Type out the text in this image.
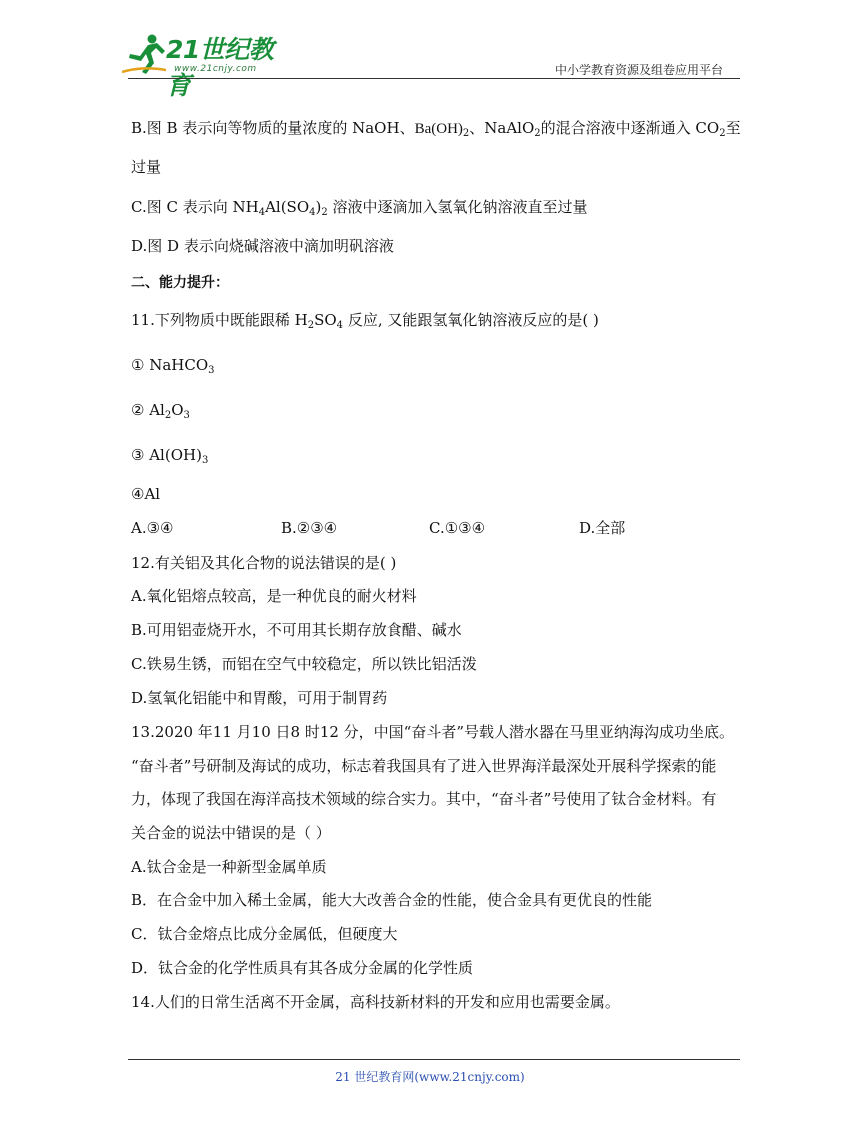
21世纪教育
www.21cnjy.com	中小学教育资源及组卷应用平台
B.图 B 表示向等物质的量浓度的 NaOH、$Ba(OH)_2$、NaAlO$_2$的混合溶液中逐渐通入 $CO_2$至
过量
C.图 C 表示向 $NH_4Al(SO_4)_2$ 溶液中逐滴加入氢氧化钠溶液直至过量
D.图 D 表示向烧碱溶液中滴加明矾溶液
二、能力提升：
11.下列物质中既能跟稀 $H_2SO_4$ 反应, 又能跟氢氧化钠溶液反应的是( )
① NaHCO$_3$
② $Al_2O_3$
③ $Al(OH)_3$
④Al
A.③④	B.②③④	C.①③④	D.全部
12.有关铝及其化合物的说法错误的是( )
A.氧化铝熔点较高，是一种优良的耐火材料
B.可用铝壶烧开水，不可用其长期存放食醋、碱水
C.铁易生锈，而铝在空气中较稳定，所以铁比铝活泼
D.氢氧化铝能中和胃酸，可用于制胃药
13.2020 年11 月10 日8 时12 分，中国“奋斗者”号载人潜水器在马里亚纳海沟成功坐底。
“奋斗者”号研制及海试的成功，标志着我国具有了进入世界海洋最深处开展科学探索的能
力，体现了我国在海洋高技术领域的综合实力。其中，“奋斗者”号使用了钛合金材料。有
关合金的说法中错误的是（ ）
A.钛合金是一种新型金属单质
B．在合金中加入稀土金属，能大大改善合金的性能，使合金具有更优良的性能
C．钛合金熔点比成分金属低，但硬度大
D．钛合金的化学性质具有其各成分金属的化学性质
14.人们的日常生活离不开金属，高科技新材料的开发和应用也需要金属。
21 世纪教育网(www.21cnjy.com)
